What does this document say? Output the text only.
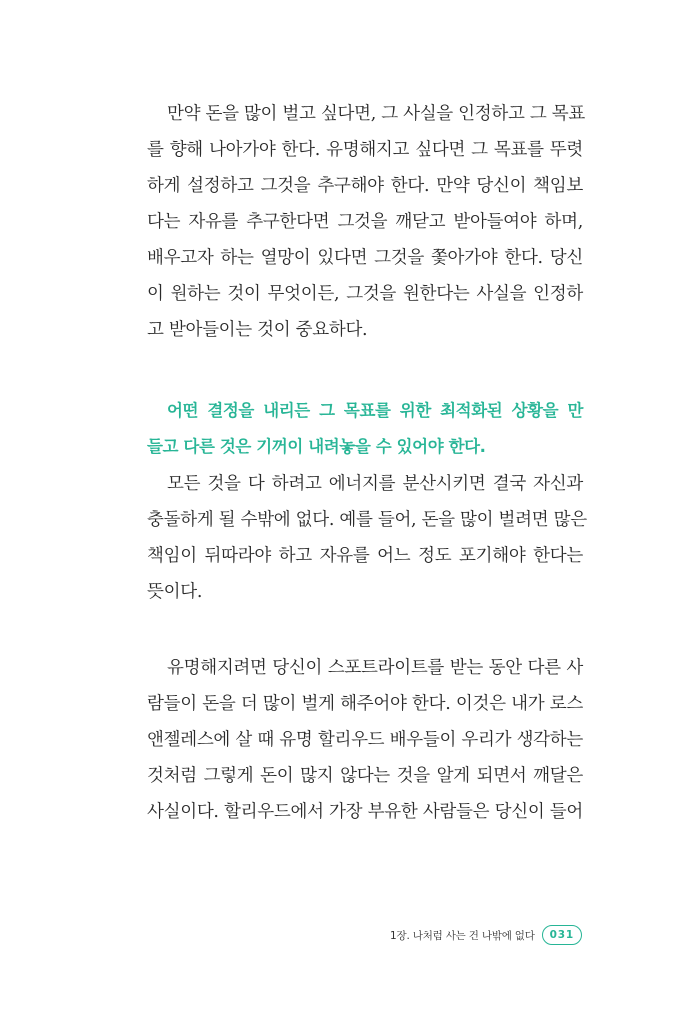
만약 돈을 많이 벌고 싶다면, 그 사실을 인정하고 그 목표
를 향해 나아가야 한다. 유명해지고 싶다면 그 목표를 뚜렷
하게 설정하고 그것을 추구해야 한다. 만약 당신이 책임보
다는 자유를 추구한다면 그것을 깨닫고 받아들여야 하며,
배우고자 하는 열망이 있다면 그것을 쫓아가야 한다. 당신
이 원하는 것이 무엇이든, 그것을 원한다는 사실을 인정하
고 받아들이는 것이 중요하다.
어떤 결정을 내리든 그 목표를 위한 최적화된 상황을 만
들고 다른 것은 기꺼이 내려놓을 수 있어야 한다.
모든 것을 다 하려고 에너지를 분산시키면 결국 자신과
충돌하게 될 수밖에 없다. 예를 들어, 돈을 많이 벌려면 많은
책임이 뒤따라야 하고 자유를 어느 정도 포기해야 한다는
뜻이다.
유명해지려면 당신이 스포트라이트를 받는 동안 다른 사
람들이 돈을 더 많이 벌게 해주어야 한다. 이것은 내가 로스
앤젤레스에 살 때 유명 할리우드 배우들이 우리가 생각하는
것처럼 그렇게 돈이 많지 않다는 것을 알게 되면서 깨달은
사실이다. 할리우드에서 가장 부유한 사람들은 당신이 들어
1장. 나처럼 사는 건 나밖에 없다	031
